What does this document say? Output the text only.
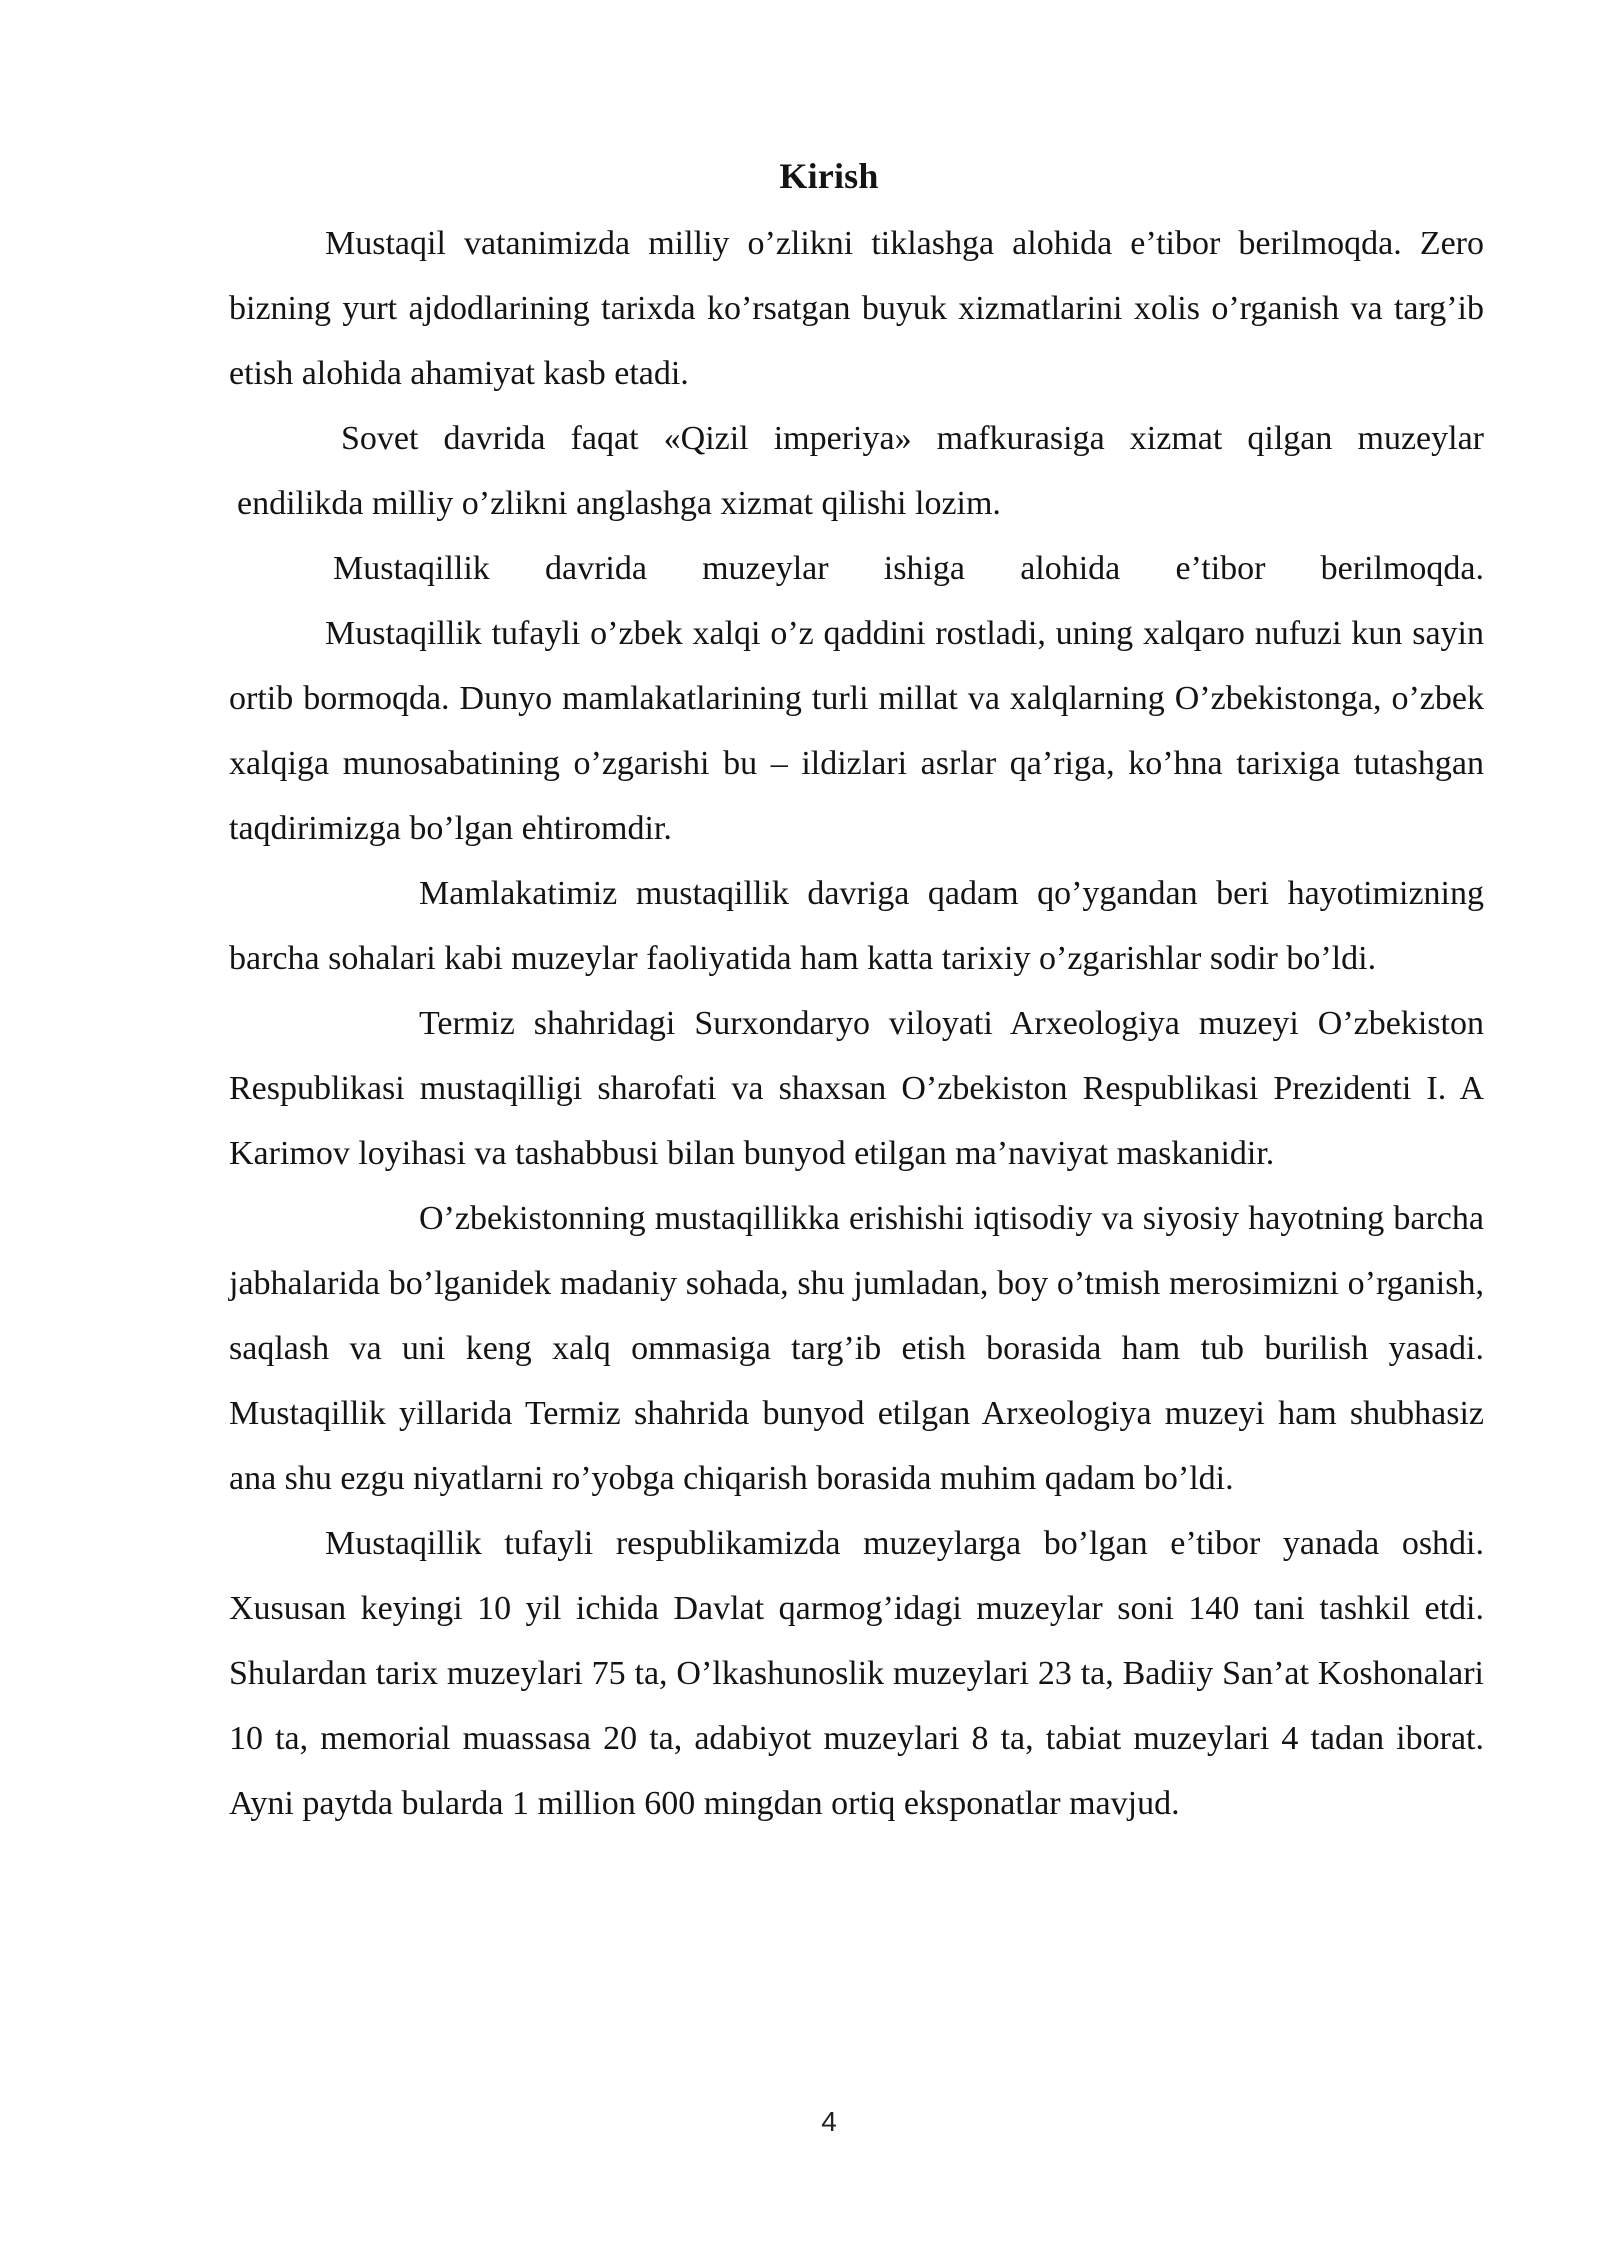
Kirish

Mustaqil vatanimizda milliy o’zlikni tiklashga alohida e’tibor berilmoqda. Zero bizning yurt ajdodlarining tarixda ko’rsatgan buyuk xizmatlarini xolis o’rganish va targ’ib etish alohida ahamiyat kasb etadi.

Sovet davrida faqat «Qizil imperiya» mafkurasiga xizmat qilgan muzeylar endilikda milliy o’zlikni anglashga xizmat qilishi lozim.

Mustaqillik davrida muzeylar ishiga alohida e’tibor berilmoqda.

Mustaqillik tufayli o’zbek xalqi o’z qaddini rostladi, uning xalqaro nufuzi kun sayin ortib bormoqda. Dunyo mamlakatlarining turli millat va xalqlarning O’zbekistonga, o’zbek xalqiga munosabatining o’zgarishi bu – ildizlari asrlar qa’riga, ko’hna tarixiga tutashgan taqdirimizga bo’lgan ehtiromdir.

Mamlakatimiz mustaqillik davriga qadam qo’ygandan beri hayotimizning barcha sohalari kabi muzeylar faoliyatida ham katta tarixiy o’zgarishlar sodir bo’ldi.

Termiz shahridagi Surxondaryo viloyati Arxeologiya muzeyi O’zbekiston Respublikasi mustaqilligi sharofati va shaxsan O’zbekiston Respublikasi Prezidenti I. A Karimov loyihasi va tashabbusi bilan bunyod etilgan ma’naviyat maskanidir.

O’zbekistonning mustaqillikka erishishi iqtisodiy va siyosiy hayotning barcha jabhalarida bo’lganidek madaniy sohada, shu jumladan, boy o’tmish merosimizni o’rganish, saqlash va uni keng xalq ommasiga targ’ib etish borasida ham tub burilish yasadi. Mustaqillik yillarida Termiz shahrida bunyod etilgan Arxeologiya muzeyi ham shubhasiz ana shu ezgu niyatlarni ro’yobga chiqarish borasida muhim qadam bo’ldi.

Mustaqillik tufayli respublikamizda muzeylarga bo’lgan e’tibor yanada oshdi. Xususan keyingi 10 yil ichida Davlat qarmog’idagi muzeylar soni 140 tani tashkil etdi. Shulardan tarix muzeylari 75 ta, O’lkashunoslik muzeylari 23 ta, Badiiy San’at Koshonalari 10 ta, memorial muassasa 20 ta, adabiyot muzeylari 8 ta, tabiat muzeylari 4 tadan iborat. Ayni paytda bularda 1 million 600 mingdan ortiq eksponatlar mavjud.

4
